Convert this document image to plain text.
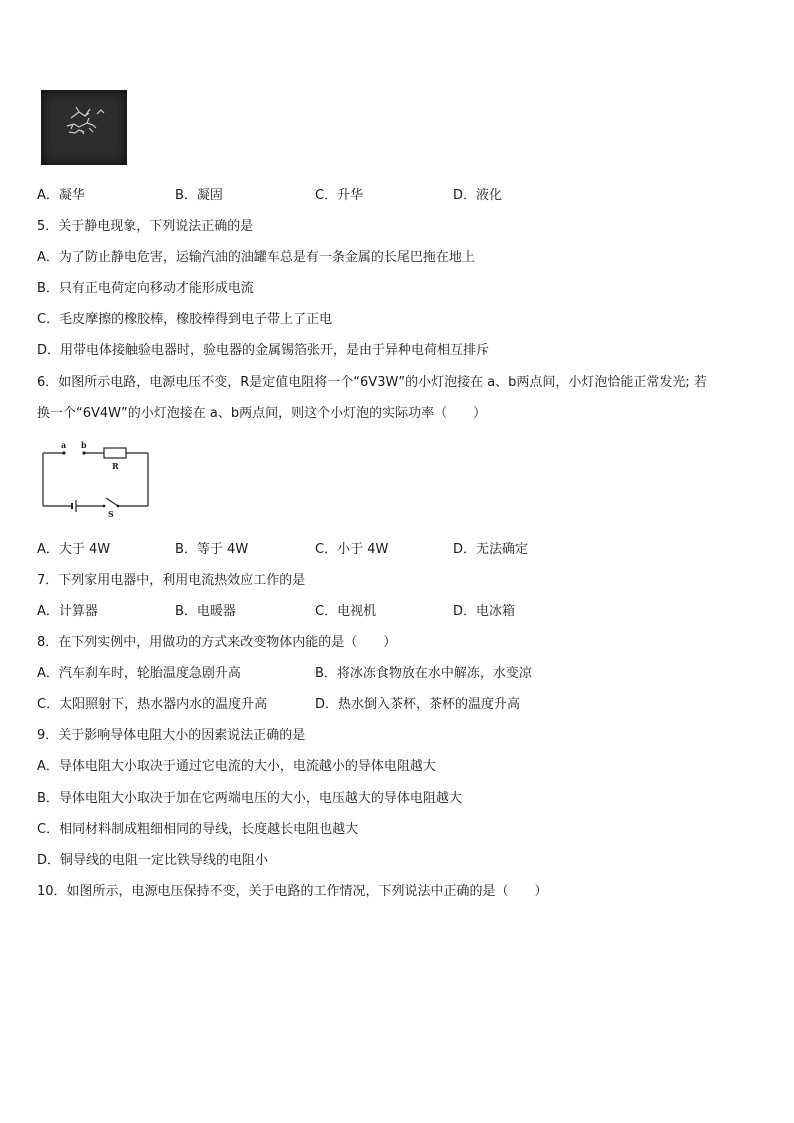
A．凝华	B．凝固	C．升华	D．液化
5．关于静电现象，下列说法正确的是
A．为了防止静电危害，运输汽油的油罐车总是有一条金属的长尾巴拖在地上
B．只有正电荷定向移动才能形成电流
C．毛皮摩擦的橡胶棒，橡胶棒得到电子带上了正电
D．用带电体接触验电器时，验电器的金属锡箔张开，是由于异种电荷相互排斥
6．如图所示电路，电源电压不变，R是定值电阻将一个“6V3W”的小灯泡接在 a、b两点间，小灯泡恰能正常发光; 若
换一个“6V4W”的小灯泡接在 a、b两点间，则这个小灯泡的实际功率（　　）
a b
R
S
A．大于 4W	B．等于 4W	C．小于 4W	D．无法确定
7．下列家用电器中，利用电流热效应工作的是
A．计算器	B．电暖器	C．电视机	D．电冰箱
8．在下列实例中，用做功的方式来改变物体内能的是（　　）
A．汽车刹车时，轮胎温度急剧升高	B．将冰冻食物放在水中解冻，水变凉
C．太阳照射下，热水器内水的温度升高	D．热水倒入茶杯，茶杯的温度升高
9．关于影响导体电阻大小的因素说法正确的是
A．导体电阻大小取决于通过它电流的大小，电流越小的导体电阻越大
B．导体电阻大小取决于加在它两端电压的大小，电压越大的导体电阻越大
C．相同材料制成粗细相同的导线，长度越长电阻也越大
D．铜导线的电阻一定比铁导线的电阻小
10．如图所示，电源电压保持不变，关于电路的工作情况，下列说法中正确的是（　　）
